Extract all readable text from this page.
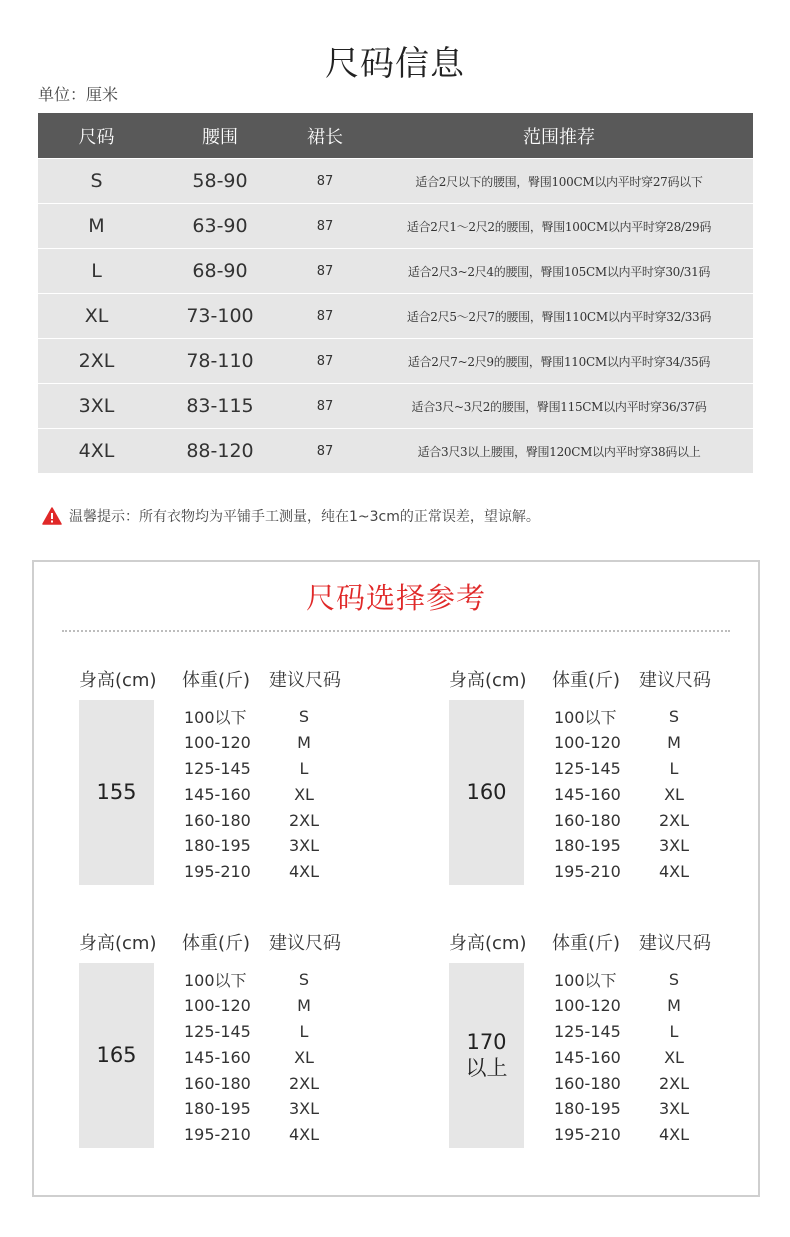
尺码信息
单位：厘米
尺码	腰围	裙长	范围推荐
S	58-90	87	适合2尺以下的腰围，臀围100CM以内平时穿27码以下
M	63-90	87	适合2尺1～2尺2的腰围，臀围100CM以内平时穿28/29码
L	68-90	87	适合2尺3~2尺4的腰围，臀围105CM以内平时穿30/31码
XL	73-100	87	适合2尺5～2尺7的腰围，臀围110CM以内平时穿32/33码
2XL	78-110	87	适合2尺7~2尺9的腰围，臀围110CM以内平时穿34/35码
3XL	83-115	87	适合3尺~3尺2的腰围，臀围115CM以内平时穿36/37码
4XL	88-120	87	适合3尺3以上腰围，臀围120CM以内平时穿38码以上
温馨提示：所有衣物均为平铺手工测量，纯在1~3cm的正常误差，望谅解。
尺码选择参考
身高(cm) 体重(斤) 建议尺码
155
100以下	S
100-120	M
125-145	L
145-160	XL
160-180	2XL
180-195	3XL
195-210	4XL
身高(cm) 体重(斤) 建议尺码
160
100以下	S
100-120	M
125-145	L
145-160	XL
160-180	2XL
180-195	3XL
195-210	4XL
身高(cm) 体重(斤) 建议尺码
165
100以下	S
100-120	M
125-145	L
145-160	XL
160-180	2XL
180-195	3XL
195-210	4XL
身高(cm) 体重(斤) 建议尺码
170
以上
100以下	S
100-120	M
125-145	L
145-160	XL
160-180	2XL
180-195	3XL
195-210	4XL
